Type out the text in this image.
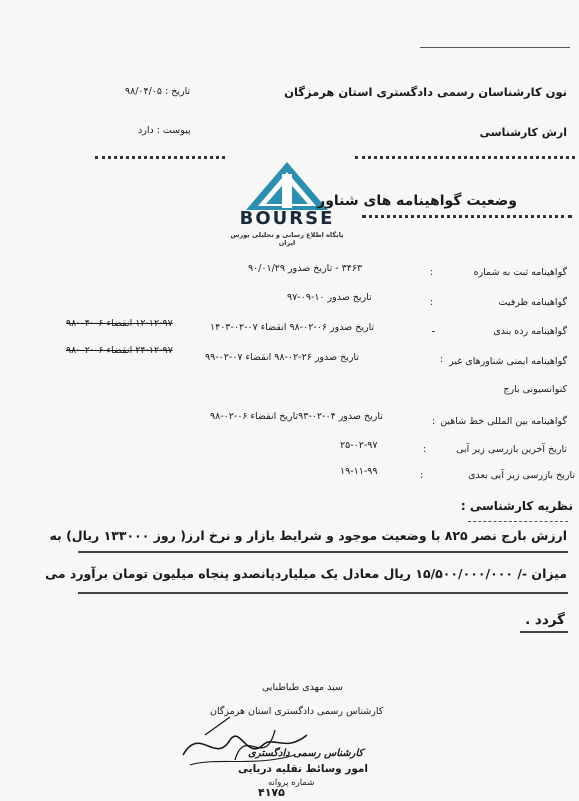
نون کارشناسان رسمی دادگستری استان هرمزگان
ارش کارشناسی
تاریخ : ۹۸/۰۴/۰۵
پیوست : دارد
BOURSE
پایگاه اطلاع رسانی و تحلیلی بورس ایران
وضعیت گواهینامه های شناور
گواهینامه ثبت به شماره
:
۳۴۶۳ - تاریخ صدور ۹۰/۰۱/۲۹
گواهینامه ظرفیت
:
تاریخ صدور ۱۰-۰۹-۹۷
گواهینامه رده بندی
ـ
تاریخ صدور ۰۶-۰۲-۹۸ انقضاء ۰۷-۰۲-۱۴۰۳
۱۲-۱۲-۹۷ انقضاء ۰۶-۰۴-۹۸
گواهینامه ایمنی شناورهای غیر
:
تاریخ صدور ۲۶-۰۲-۹۸ انقضاء ۰۷-۰۲-۹۹
۲۴-۱۲-۹۷ انقضاء ۰۶-۰۲-۹۸
کنوانسیونی بارج
گواهینامه بین المللی خط شاهین
:
تاریخ صدور ۰۴-۰۲-۹۳تاریخ انقضاء ۰۶-۰۲-۹۸
تاریخ آخرین بازرسی زیر آبی
:
۲۵-۰۲-۹۷
تاریخ بازرسی زیر آبی بعدی
:
۱۹-۱۱-۹۹
نظریه کارشناسی :
ارزش بارج نصر ۸۲۵ با وضعیت موجود و شرایط بازار و نرخ ارز( روز ۱۳۳۰۰۰ ریال) به
میزان -/ ۱۵/۵۰۰/۰۰۰/۰۰۰ ریال معادل یک میلیاردپانصدو پنجاه میلیون تومان برآورد می
گردد .
سید مهدی طباطبایی
کارشناس رسمی دادگستری استان هرمزگان
کارشناس رسمی دادگستری
امور وسائط نقلیه دریایی
شماره پروانه
۴۱۷۵
